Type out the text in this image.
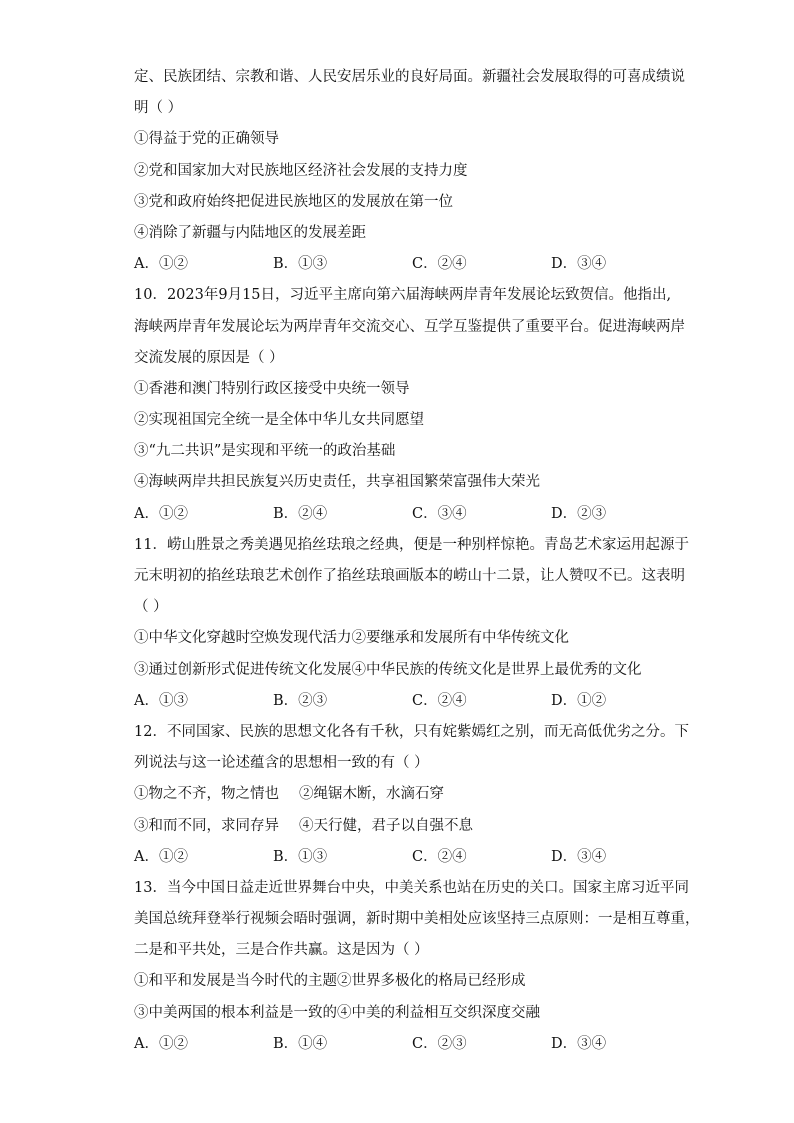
定、民族团结、宗教和谐、人民安居乐业的良好局面。新疆社会发展取得的可喜成绩说
明（ ）
①得益于党的正确领导
②党和国家加大对民族地区经济社会发展的支持力度
③党和政府始终把促进民族地区的发展放在第一位
④消除了新疆与内陆地区的发展差距
A．①②	B．①③	C．②④	D．③④
10．2023年9月15日，习近平主席向第六届海峡两岸青年发展论坛致贺信。他指出,
海峡两岸青年发展论坛为两岸青年交流交心、互学互鉴提供了重要平台。促进海峡两岸
交流发展的原因是（ ）
①香港和澳门特别行政区接受中央统一领导
②实现祖国完全统一是全体中华儿女共同愿望
③“九二共识”是实现和平统一的政治基础
④海峡两岸共担民族复兴历史责任，共享祖国繁荣富强伟大荣光
A．①②	B．②④	C．③④	D．②③
11．崂山胜景之秀美遇见掐丝珐琅之经典，便是一种别样惊艳。青岛艺术家运用起源于
元末明初的掐丝珐琅艺术创作了掐丝珐琅画版本的崂山十二景，让人赞叹不已。这表明
（ ）
①中华文化穿越时空焕发现代活力②要继承和发展所有中华传统文化
③通过创新形式促进传统文化发展④中华民族的传统文化是世界上最优秀的文化
A．①③	B．②③	C．②④	D．①②
12．不同国家、民族的思想文化各有千秋，只有姹紫嫣红之别，而无高低优劣之分。下
列说法与这一论述蕴含的思想相一致的有（ ）
①物之不齐，物之情也 ②绳锯木断，水滴石穿
③和而不同，求同存异 ④天行健，君子以自强不息
A．①②	B．①③	C．②④	D．③④
13．当今中国日益走近世界舞台中央，中美关系也站在历史的关口。国家主席习近平同
美国总统拜登举行视频会晤时强调，新时期中美相处应该坚持三点原则：一是相互尊重，
二是和平共处，三是合作共赢。这是因为（ ）
①和平和发展是当今时代的主题②世界多极化的格局已经形成
③中美两国的根本利益是一致的④中美的利益相互交织深度交融
A．①②	B．①④	C．②③	D．③④
